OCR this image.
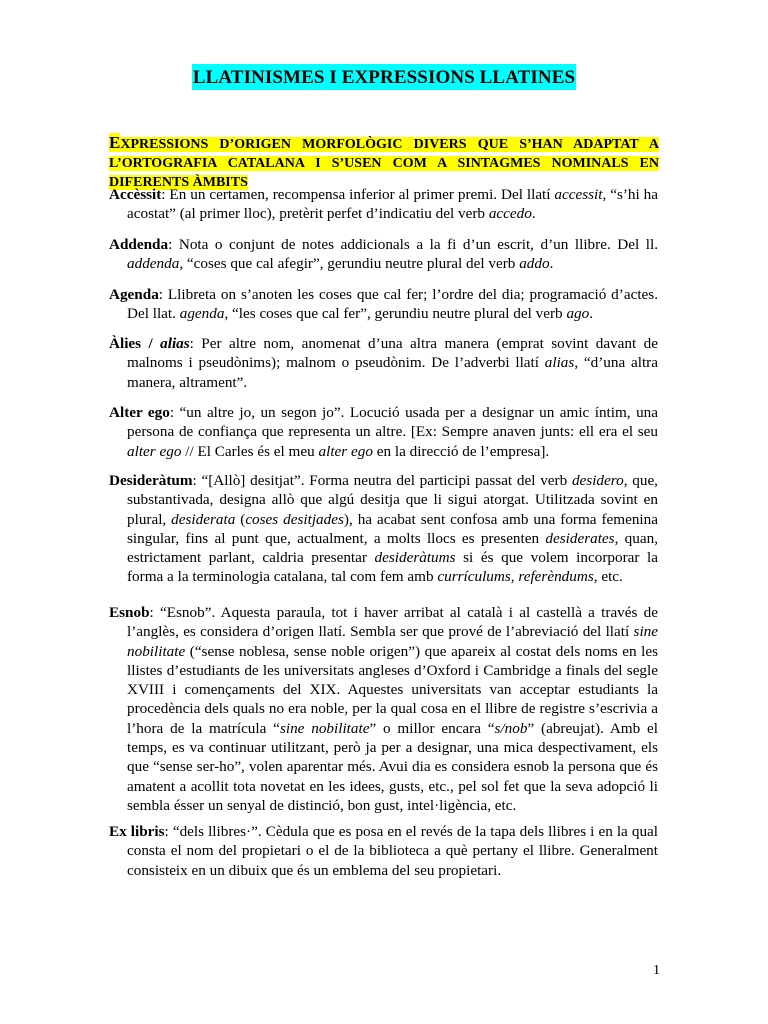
LLATINISMES I EXPRESSIONS LLATINES
EXPRESSIONS D’ORIGEN MORFOLÒGIC DIVERS QUE S’HAN ADAPTAT A L’ORTOGRAFIA CATALANA I S’USEN COM A SINTAGMES NOMINALS EN DIFERENTS ÀMBITS
Accèssit: En un certamen, recompensa inferior al primer premi. Del llatí accessit, “s’hi ha acostat” (al primer lloc), pretèrit perfet d’indicatiu del verb accedo.
Addenda: Nota o conjunt de notes addicionals a la fi d’un escrit, d’un llibre. Del ll. addenda, “coses que cal afegir”, gerundiu neutre plural del verb addo.
Agenda: Llibreta on s’anoten les coses que cal fer; l’ordre del dia; programació d’actes. Del llat. agenda, “les coses que cal fer”, gerundiu neutre plural del verb ago.
Àlies / alias: Per altre nom, anomenat d’una altra manera (emprat sovint davant de malnoms i pseudònims); malnom o pseudònim. De l’adverbi llatí alias, “d’una altra manera, altrament”.
Alter ego: “un altre jo, un segon jo”. Locució usada per a designar un amic íntim, una persona de confiança que representa un altre. [Ex: Sempre anaven junts: ell era el seu alter ego // El Carles és el meu alter ego en la direcció de l’empresa].
Desideràtum: “[Allò] desitjat”. Forma neutra del participi passat del verb desidero, que, substantivada, designa allò que algú desitja que li sigui atorgat. Utilitzada sovint en plural, desiderata (coses desitjades), ha acabat sent confosa amb una forma femenina singular, fins al punt que, actualment, a molts llocs es presenten desiderates, quan, estrictament parlant, caldria presentar desideràtums si és que volem incorporar la forma a la terminologia catalana, tal com fem amb currículums, referèndums, etc.
Esnob: “Esnob”. Aquesta paraula, tot i haver arribat al català i al castellà a través de l’anglès, es considera d’origen llatí. Sembla ser que prové de l’abreviació del llatí sine nobilitate (“sense noblesa, sense noble origen”) que apareix al costat dels noms en les llistes d’estudiants de les universitats angleses d’Oxford i Cambridge a finals del segle XVIII i començaments del XIX. Aquestes universitats van acceptar estudiants la procedència dels quals no era noble, per la qual cosa en el llibre de registre s’escrivia a l’hora de la matrícula “sine nobilitate” o millor encara “s/nob” (abreujat). Amb el temps, es va continuar utilitzant, però ja per a designar, una mica despectivament, els que “sense ser-ho”, volen aparentar més. Avui dia es considera esnob la persona que és amatent a acollit tota novetat en les idees, gusts, etc., pel sol fet que la seva adopció li sembla ésser un senyal de distinció, bon gust, intel·ligència, etc.
Ex libris: “dels llibres·”. Cèdula que es posa en el revés de la tapa dels llibres i en la qual consta el nom del propietari o el de la biblioteca a què pertany el llibre. Generalment consisteix en un dibuix que és un emblema del seu propietari.
1
